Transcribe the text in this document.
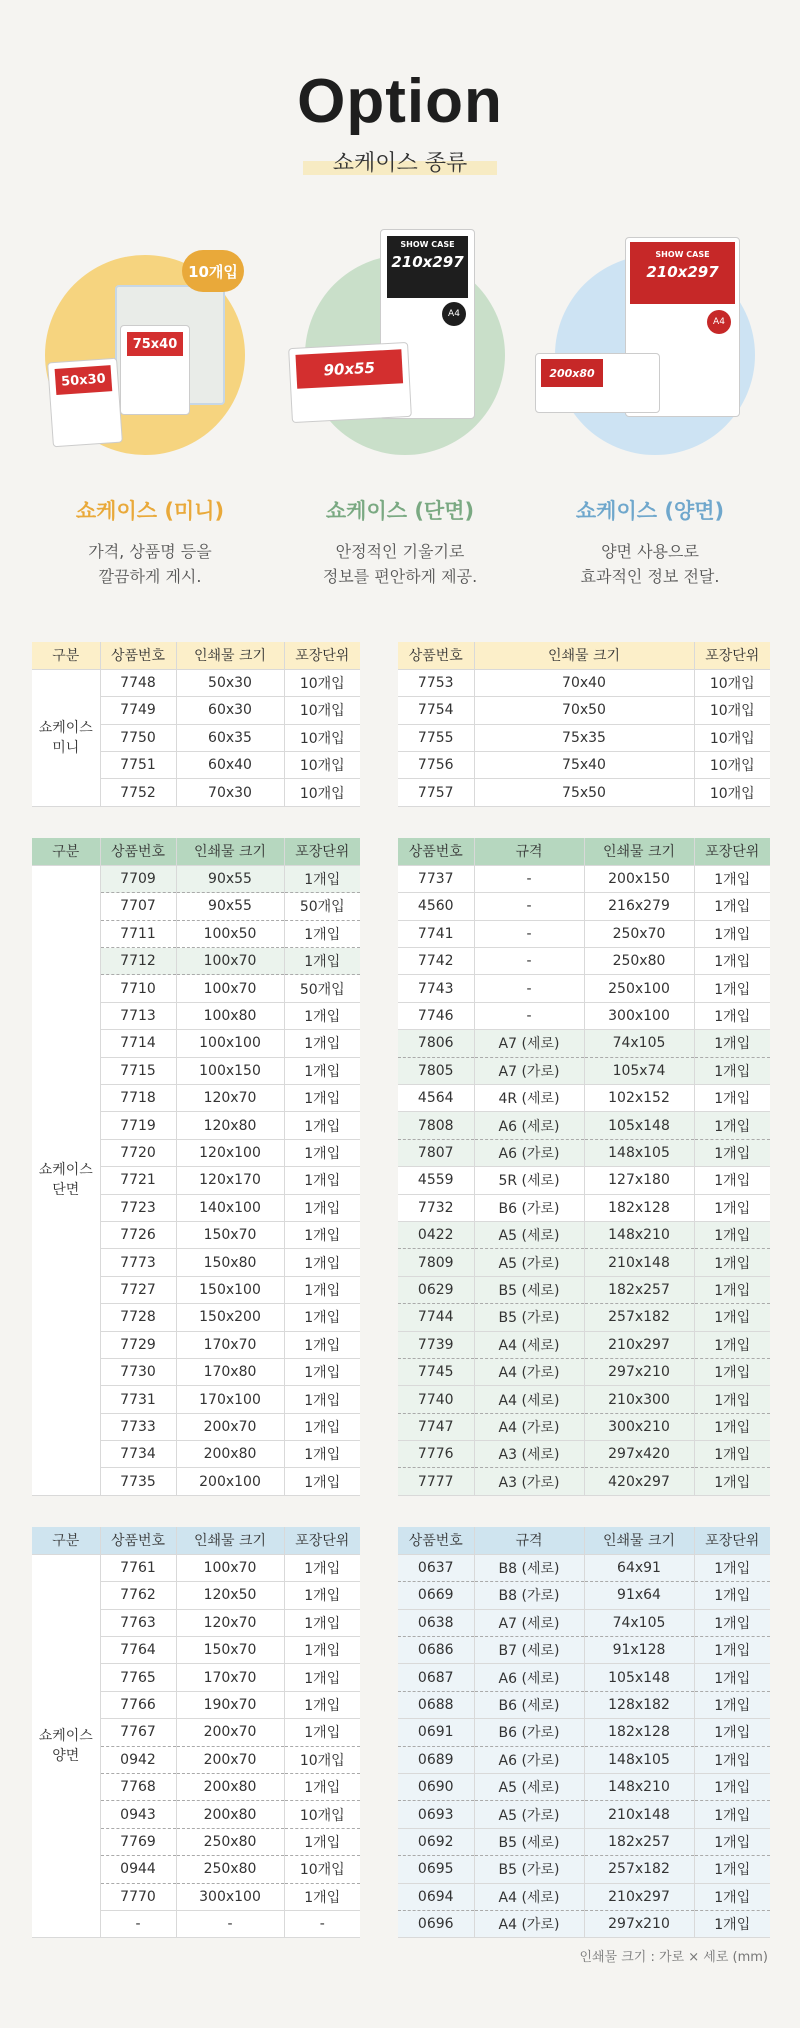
Option
쇼케이스 종류
75x40
50x30
10개입
SHOW CASE
210x297
A4
90x55
SHOW CASE
210x297
A4
200x80
쇼케이스 (미니)
가격, 상품명 등을
깔끔하게 게시.
쇼케이스 (단면)
안정적인 기울기로
정보를 편안하게 제공.
쇼케이스 (양면)
양면 사용으로
효과적인 정보 전달.
구분	상품번호	인쇄물 크기	포장단위

쇼케이스
미니	7748	50x30	10개입
	7749	60x30	10개입
	7750	60x35	10개입
	7751	60x40	10개입
	7752	70x30	10개입
상품번호	인쇄물 크기	포장단위
7753	70x40	10개입
7754	70x50	10개입
7755	75x35	10개입
7756	75x40	10개입
7757	75x50	10개입
구분	상품번호	인쇄물 크기	포장단위

쇼케이스
단면	7709	90x55	1개입
	7707	90x55	50개입
	7711	100x50	1개입
	7712	100x70	1개입
	7710	100x70	50개입
	7713	100x80	1개입
	7714	100x100	1개입
	7715	100x150	1개입
	7718	120x70	1개입
	7719	120x80	1개입
	7720	120x100	1개입
	7721	120x170	1개입
	7723	140x100	1개입
	7726	150x70	1개입
	7773	150x80	1개입
	7727	150x100	1개입
	7728	150x200	1개입
	7729	170x70	1개입
	7730	170x80	1개입
	7731	170x100	1개입
	7733	200x70	1개입
	7734	200x80	1개입
	7735	200x100	1개입
상품번호	규격	인쇄물 크기	포장단위
7737	-	200x150	1개입
4560	-	216x279	1개입
7741	-	250x70	1개입
7742	-	250x80	1개입
7743	-	250x100	1개입
7746	-	300x100	1개입
7806	A7 (세로)	74x105	1개입
7805	A7 (가로)	105x74	1개입
4564	4R (세로)	102x152	1개입
7808	A6 (세로)	105x148	1개입
7807	A6 (가로)	148x105	1개입
4559	5R (세로)	127x180	1개입
7732	B6 (가로)	182x128	1개입
0422	A5 (세로)	148x210	1개입
7809	A5 (가로)	210x148	1개입
0629	B5 (세로)	182x257	1개입
7744	B5 (가로)	257x182	1개입
7739	A4 (세로)	210x297	1개입
7745	A4 (가로)	297x210	1개입
7740	A4 (세로)	210x300	1개입
7747	A4 (가로)	300x210	1개입
7776	A3 (세로)	297x420	1개입
7777	A3 (가로)	420x297	1개입
구분	상품번호	인쇄물 크기	포장단위

쇼케이스
양면	7761	100x70	1개입
	7762	120x50	1개입
	7763	120x70	1개입
	7764	150x70	1개입
	7765	170x70	1개입
	7766	190x70	1개입
	7767	200x70	1개입
	0942	200x70	10개입
	7768	200x80	1개입
	0943	200x80	10개입
	7769	250x80	1개입
	0944	250x80	10개입
	7770	300x100	1개입
	-	-	-
상품번호	규격	인쇄물 크기	포장단위
0637	B8 (세로)	64x91	1개입
0669	B8 (가로)	91x64	1개입
0638	A7 (세로)	74x105	1개입
0686	B7 (세로)	91x128	1개입
0687	A6 (세로)	105x148	1개입
0688	B6 (세로)	128x182	1개입
0691	B6 (가로)	182x128	1개입
0689	A6 (가로)	148x105	1개입
0690	A5 (세로)	148x210	1개입
0693	A5 (가로)	210x148	1개입
0692	B5 (세로)	182x257	1개입
0695	B5 (가로)	257x182	1개입
0694	A4 (세로)	210x297	1개입
0696	A4 (가로)	297x210	1개입
인쇄물 크기 : 가로 × 세로 (mm)
